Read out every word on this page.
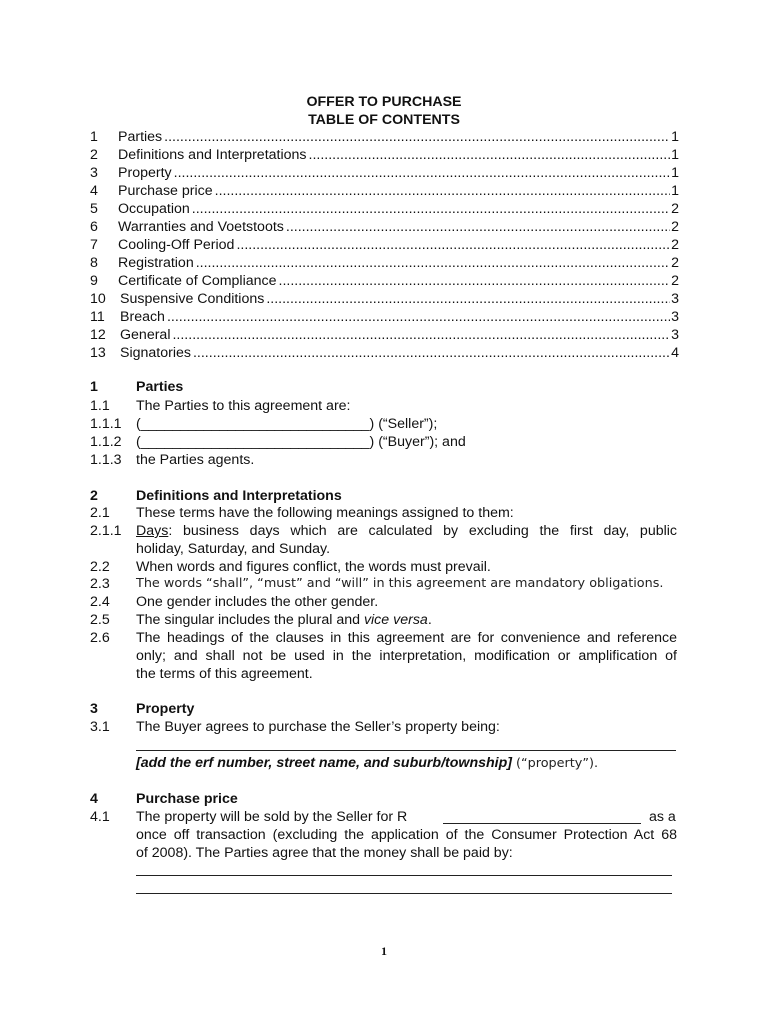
OFFER TO PURCHASE
TABLE OF CONTENTS
1	Parties .....	1
2	Definitions and Interpretations .....	1
3	Property .....	1
4	Purchase price .....	1
5	Occupation .....	2
6	Warranties and Voetstoots .....	2
7	Cooling-Off Period .....	2
8	Registration .....	2
9	Certificate of Compliance .....	2
10	Suspensive Conditions .....	3
11	Breach .....	3
12	General .....	3
13	Signatories .....	4
1	Parties
1.1 The Parties to this agreement are:
1.1.1 (_____________________________) (“Seller”);
1.1.2 (_____________________________) (“Buyer”); and
1.1.3 the Parties agents.
2	Definitions and Interpretations
2.1 These terms have the following meanings assigned to them:
2.1.1 Days: business days which are calculated by excluding the first day, public
holiday, Saturday, and Sunday.
2.2 When words and figures conflict, the words must prevail.
2.3 The words “shall”, “must” and “will” in this agreement are mandatory obligations.
2.4 One gender includes the other gender.
2.5 The singular includes the plural and vice versa.
2.6 The headings of the clauses in this agreement are for convenience and reference
only; and shall not be used in the interpretation, modification or amplification of
the terms of this agreement.
3	Property
3.1 The Buyer agrees to purchase the Seller’s property being:
[add the erf number, street name, and suburb/township] (“property”).
4	Purchase price
4.1 The property will be sold by the Seller for R	as a
once off transaction (excluding the application of the Consumer Protection Act 68
of 2008). The Parties agree that the money shall be paid by:
1
